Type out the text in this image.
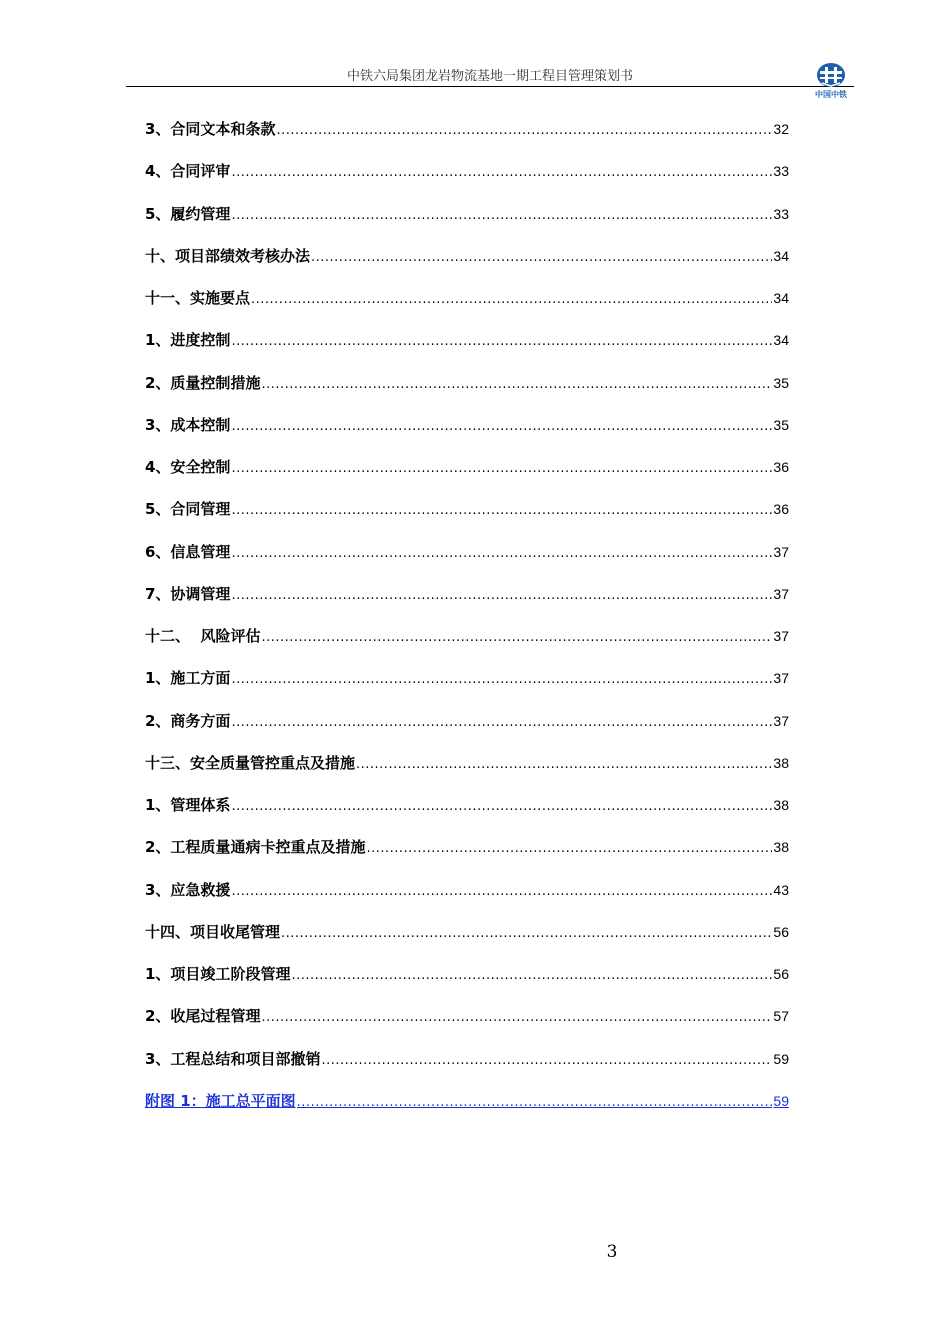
中铁六局集团龙岩物流基地一期工程目管理策划书
中国中铁
3、合同文本和条款 .....	32
4、合同评审 .....	33
5、履约管理 .....	33
十、项目部绩效考核办法 .....	34
十一、实施要点 .....	34
1、进度控制 .....	34
2、质量控制措施 .....	35
3、成本控制 .....	35
4、安全控制 .....	36
5、合同管理 .....	36
6、信息管理 .....	37
7、协调管理 .....	37
十二、  风险评估 .....	37
1、施工方面 .....	37
2、商务方面 .....	37
十三、安全质量管控重点及措施 .....	38
1、管理体系 .....	38
2、工程质量通病卡控重点及措施 .....	38
3、应急救援 .....	43
十四、项目收尾管理 .....	56
1、项目竣工阶段管理 .....	56
2、收尾过程管理 .....	57
3、工程总结和项目部撤销 .....	59
附图 1：施工总平面图 .....	59
3
